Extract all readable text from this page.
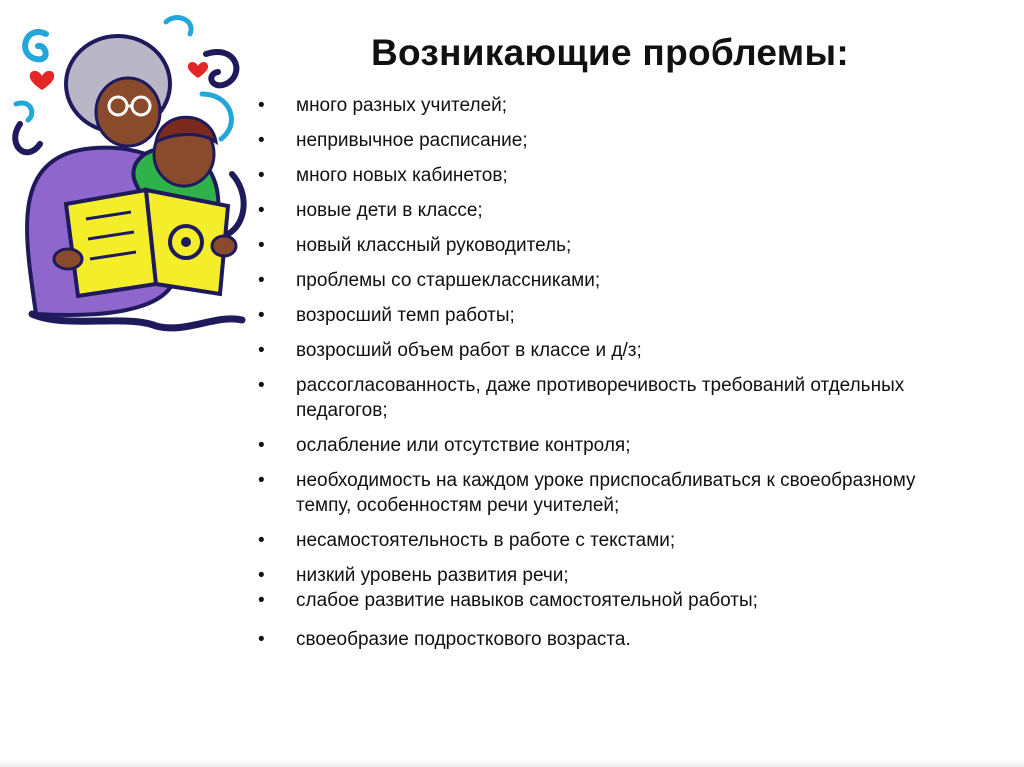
Возникающие проблемы:
• много разных учителей;
• непривычное расписание;
• много новых кабинетов;
• новые дети в классе;
• новый классный руководитель;
• проблемы со старшеклассниками;
• возросший темп работы;
• возросший объем работ в классе и д/з;
• рассогласованность, даже противоречивость требований отдельных педагогов;
• ослабление или отсутствие контроля;
• необходимость на каждом уроке приспосабливаться к своеобразному темпу, особенностям речи учителей;
• несамостоятельность в работе с текстами;
• низкий уровень развития речи;
• слабое развитие навыков самостоятельной работы;
• своеобразие подросткового возраста.
